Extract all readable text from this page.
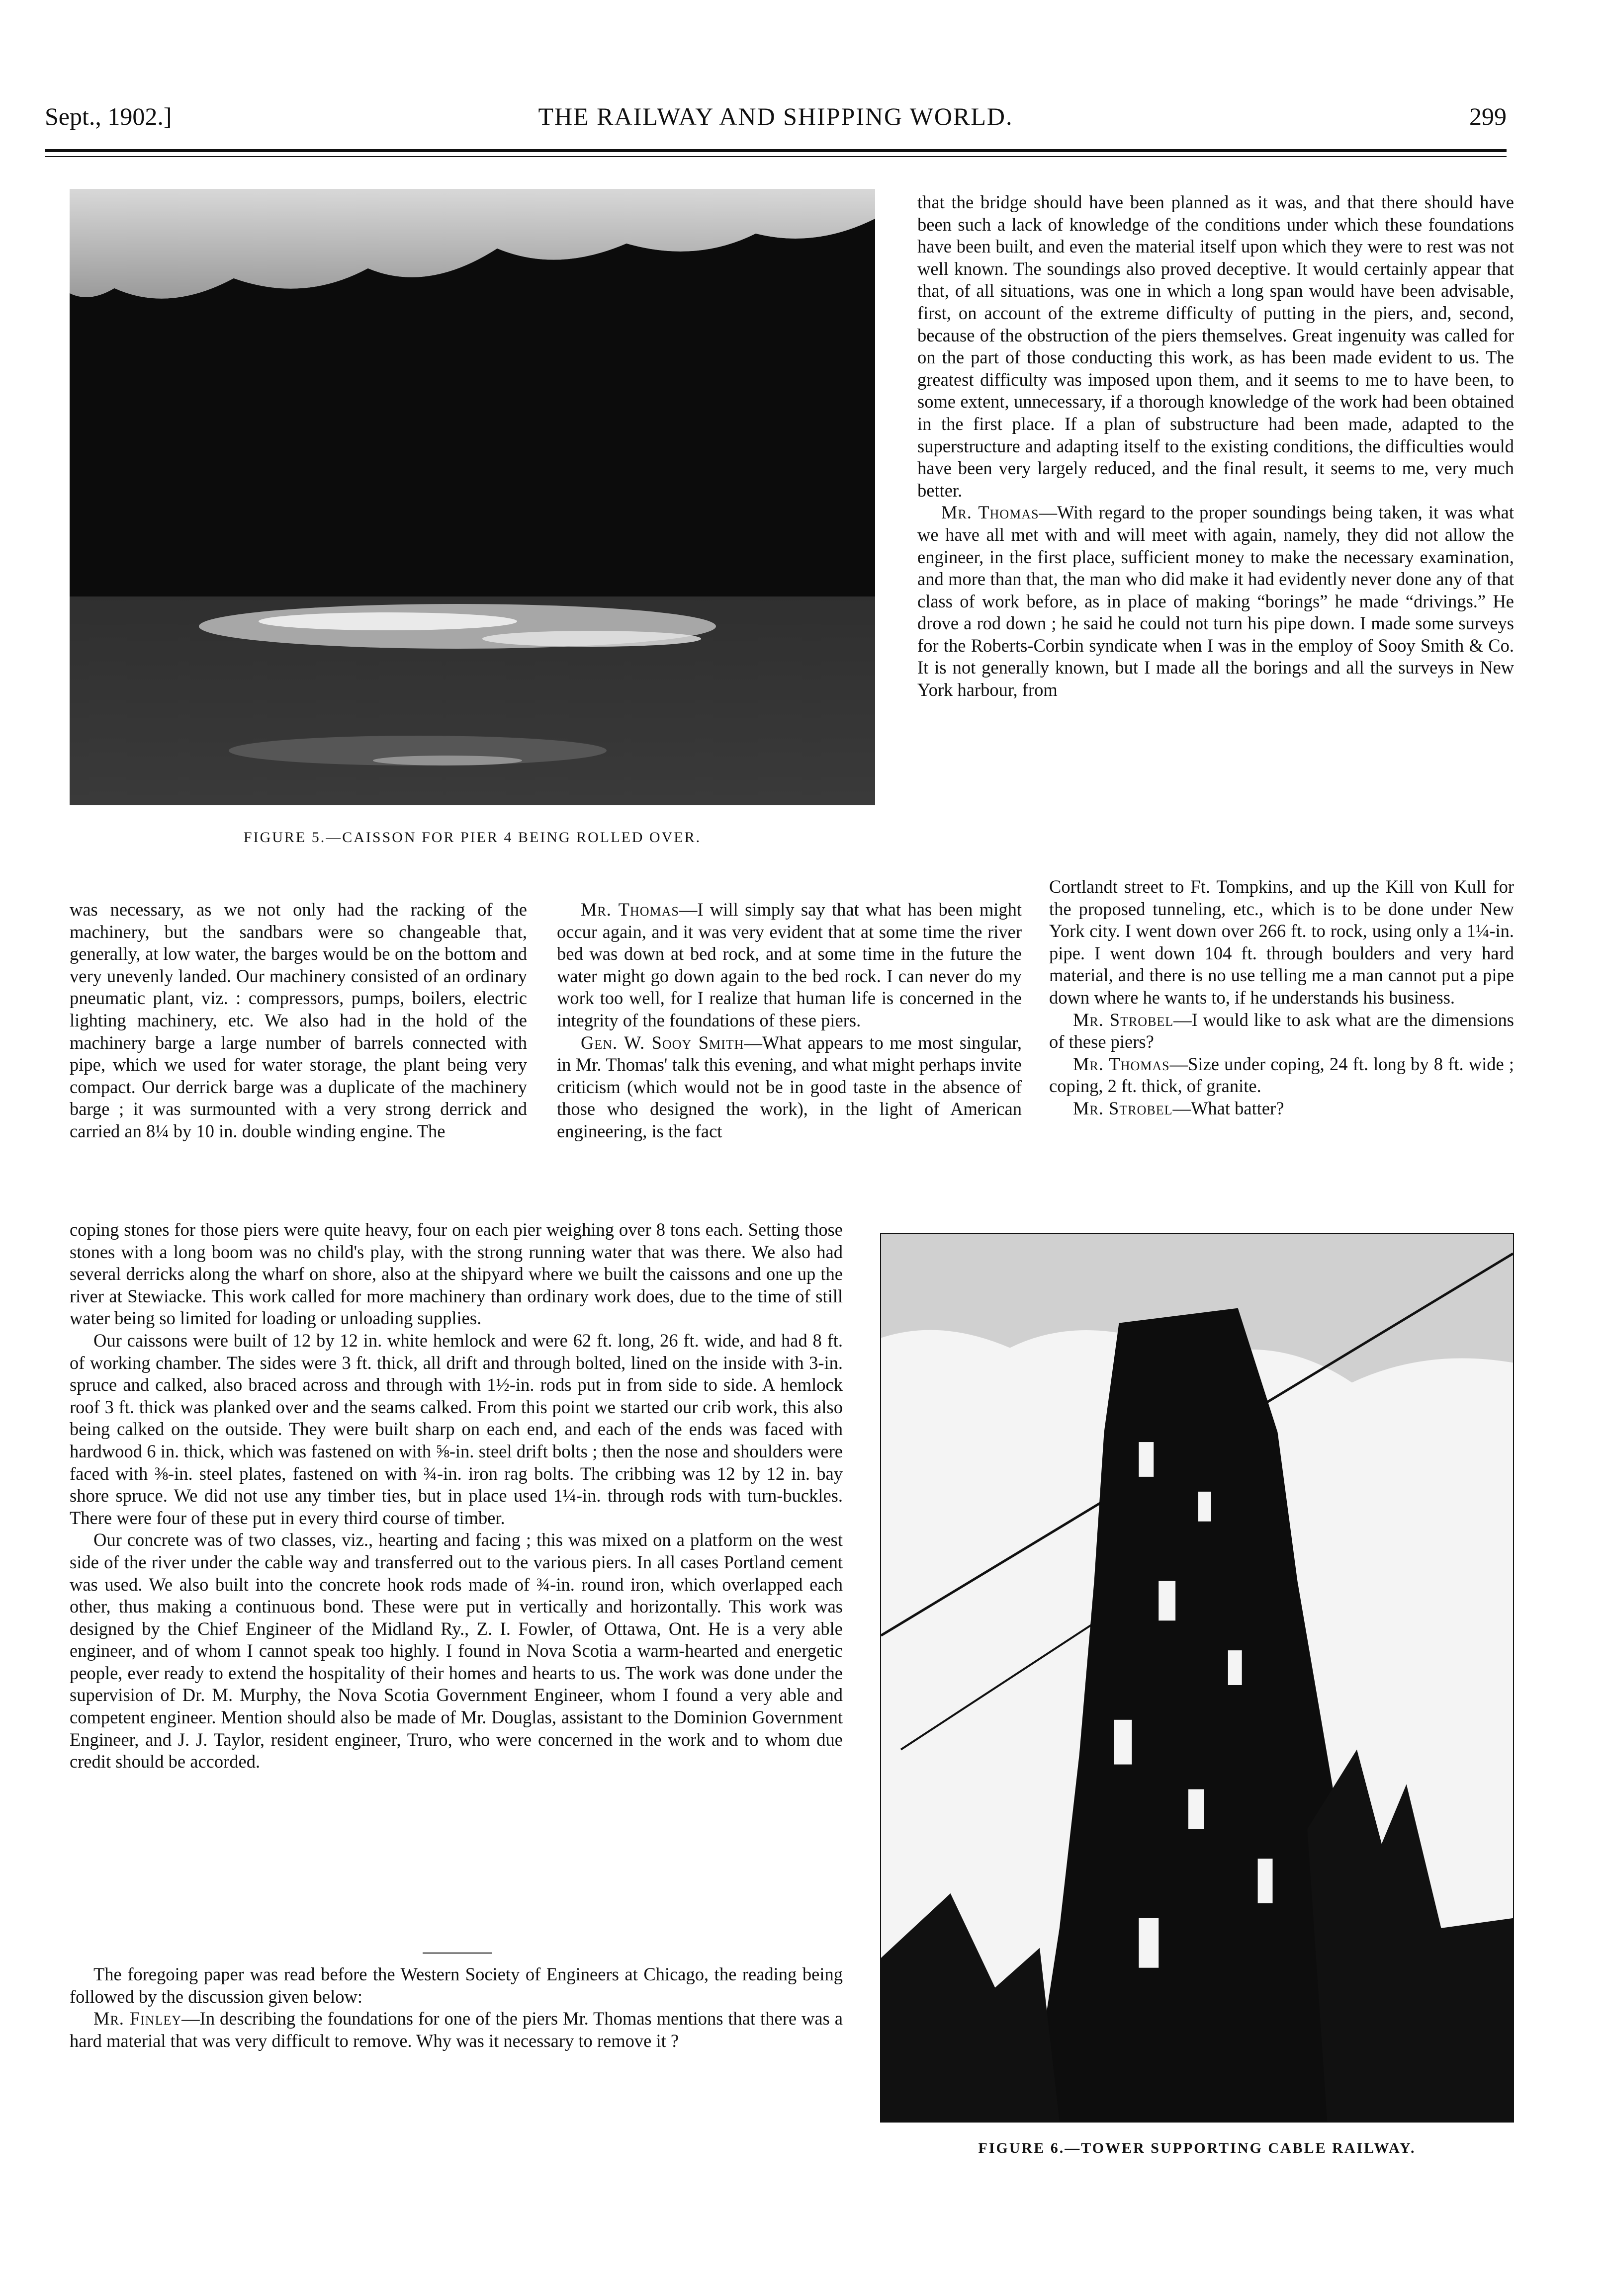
Sept., 1902.]	THE RAILWAY AND SHIPPING WORLD.	299
FIGURE 5.—CAISSON FOR PIER 4 BEING ROLLED OVER.

that the bridge should have been planned as it was, and that there should have been such a lack of knowledge of the conditions under which these foundations have been built, and even the material itself upon which they were to rest was not well known. The soundings also proved deceptive. It would certainly appear that that, of all situations, was one in which a long span would have been advisable, first, on account of the extreme difficulty of putting in the piers, and, second, because of the obstruction of the piers themselves. Great ingenuity was called for on the part of those conducting this work, as has been made evident to us. The greatest difficulty was imposed upon them, and it seems to me to have been, to some extent, unnecessary, if a thorough knowledge of the work had been obtained in the first place. If a plan of substructure had been made, adapted to the superstructure and adapting itself to the existing conditions, the difficulties would have been very largely reduced, and the final result, it seems to me, very much better.

Mr. Thomas—With regard to the proper soundings being taken, it was what we have all met with and will meet with again, namely, they did not allow the engineer, in the first place, sufficient money to make the necessary examination, and more than that, the man who did make it had evidently never done any of that class of work before, as in place of making “borings” he made “drivings.” He drove a rod down ; he said he could not turn his pipe down. I made some surveys for the Roberts-Corbin syndicate when I was in the employ of Sooy Smith & Co. It is not generally known, but I made all the borings and all the surveys in New York harbour, from

was necessary, as we not only had the racking of the machinery, but the sandbars were so changeable that, generally, at low water, the barges would be on the bottom and very unevenly landed. Our machinery consisted of an ordinary pneumatic plant, viz. : compressors, pumps, boilers, electric lighting machinery, etc. We also had in the hold of the machinery barge a large number of barrels connected with pipe, which we used for water storage, the plant being very compact. Our derrick barge was a duplicate of the machinery barge ; it was surmounted with a very strong derrick and carried an 8¼ by 10 in. double winding engine. The

Mr. Thomas—I will simply say that what has been might occur again, and it was very evident that at some time the river bed was down at bed rock, and at some time in the future the water might go down again to the bed rock. I can never do my work too well, for I realize that human life is concerned in the integrity of the foundations of these piers.

Gen. W. Sooy Smith—What appears to me most singular, in Mr. Thomas' talk this evening, and what might perhaps invite criticism (which would not be in good taste in the absence of those who designed the work), in the light of American engineering, is the fact

Cortlandt street to Ft. Tompkins, and up the Kill von Kull for the proposed tunneling, etc., which is to be done under New York city. I went down over 266 ft. to rock, using only a 1¼-in. pipe. I went down 104 ft. through boulders and very hard material, and there is no use telling me a man cannot put a pipe down where he wants to, if he understands his business.

Mr. Strobel—I would like to ask what are the dimensions of these piers?

Mr. Thomas—Size under coping, 24 ft. long by 8 ft. wide ; coping, 2 ft. thick, of granite.

Mr. Strobel—What batter?

coping stones for those piers were quite heavy, four on each pier weighing over 8 tons each. Setting those stones with a long boom was no child's play, with the strong running water that was there. We also had several derricks along the wharf on shore, also at the shipyard where we built the caissons and one up the river at Stewiacke. This work called for more machinery than ordinary work does, due to the time of still water being so limited for loading or unloading supplies.

Our caissons were built of 12 by 12 in. white hemlock and were 62 ft. long, 26 ft. wide, and had 8 ft. of working chamber. The sides were 3 ft. thick, all drift and through bolted, lined on the inside with 3-in. spruce and calked, also braced across and through with 1½-in. rods put in from side to side. A hemlock roof 3 ft. thick was planked over and the seams calked. From this point we started our crib work, this also being calked on the outside. They were built sharp on each end, and each of the ends was faced with hardwood 6 in. thick, which was fastened on with ⅝-in. steel drift bolts ; then the nose and shoulders were faced with ⅜-in. steel plates, fastened on with ¾-in. iron rag bolts. The cribbing was 12 by 12 in. bay shore spruce. We did not use any timber ties, but in place used 1¼-in. through rods with turn-buckles. There were four of these put in every third course of timber.

Our concrete was of two classes, viz., hearting and facing ; this was mixed on a platform on the west side of the river under the cable way and transferred out to the various piers. In all cases Portland cement was used. We also built into the concrete hook rods made of ¾-in. round iron, which overlapped each other, thus making a continuous bond. These were put in vertically and horizontally. This work was designed by the Chief Engineer of the Midland Ry., Z. I. Fowler, of Ottawa, Ont. He is a very able engineer, and of whom I cannot speak too highly. I found in Nova Scotia a warm-hearted and energetic people, ever ready to extend the hospitality of their homes and hearts to us. The work was done under the supervision of Dr. M. Murphy, the Nova Scotia Government Engineer, whom I found a very able and competent engineer. Mention should also be made of Mr. Douglas, assistant to the Dominion Government Engineer, and J. J. Taylor, resident engineer, Truro, who were concerned in the work and to whom due credit should be accorded.

The foregoing paper was read before the Western Society of Engineers at Chicago, the reading being followed by the discussion given below:

Mr. Finley—In describing the foundations for one of the piers Mr. Thomas mentions that there was a hard material that was very difficult to remove. Why was it necessary to remove it ?

FIGURE 6.—TOWER SUPPORTING CABLE RAILWAY.
